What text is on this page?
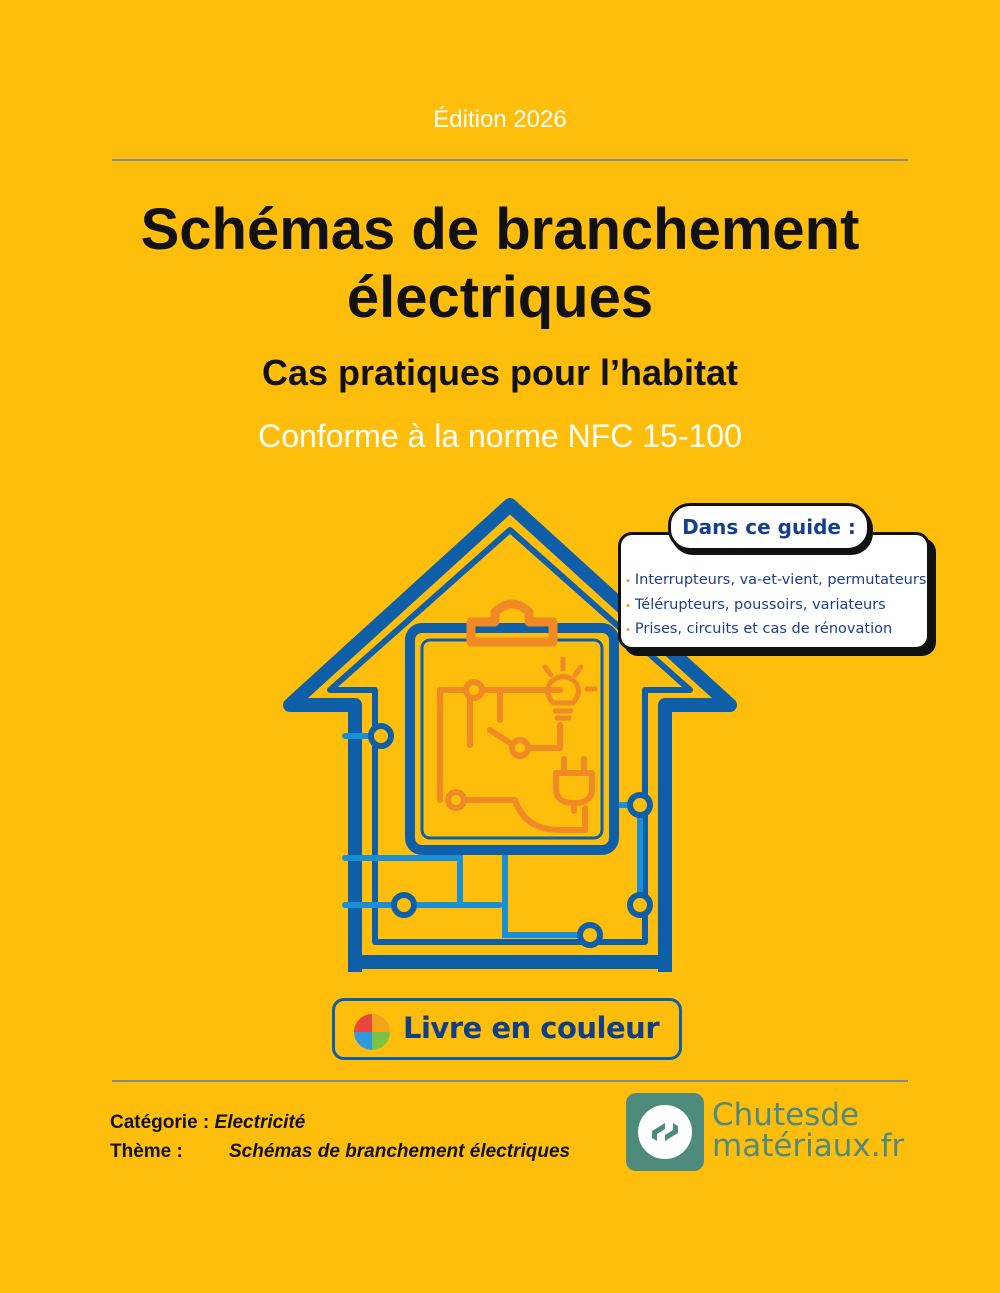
Édition 2026
Schémas de branchement
électriques
Cas pratiques pour l’habitat
Conforme à la norme NFC 15-100
• Interrupteurs, va-et-vient, permutateurs
• Télérupteurs, poussoirs, variateurs
• Prises, circuits et cas de rénovation
Dans ce guide :
Livre en couleur
Catégorie : Electricité
Thème : Schémas de branchement électriques
Chutesde
matériaux.fr
